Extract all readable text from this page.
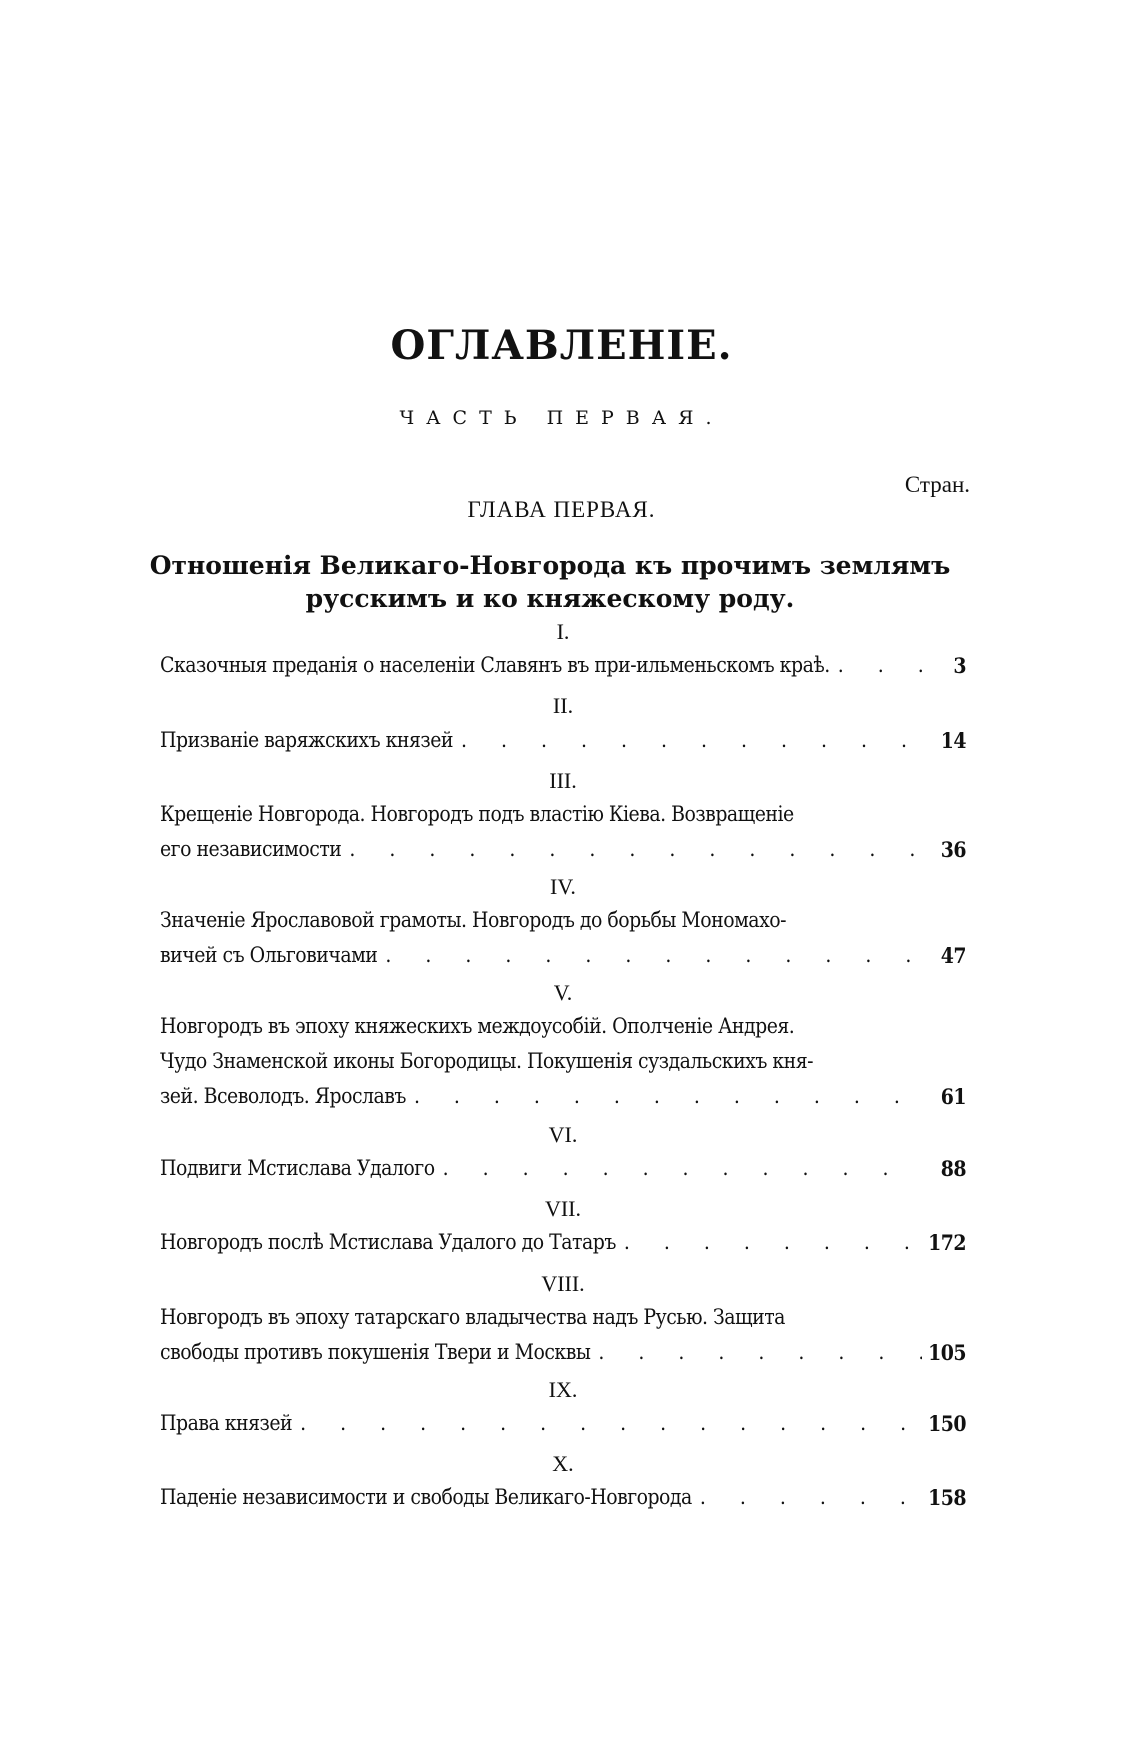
ОГЛАВЛЕНІЕ.
ЧАСТЬ ПЕРВАЯ.
Стран.
ГЛАВА ПЕРВАЯ.
Отношенія Великаго-Новгорода къ прочимъ землямъ
русскимъ и ко княжескому роду.
I.
Сказочныя преданія о населеніи Славянъ въ при-ильменьскомъ краѣ. . . .	3
II.
Призваніе варяжскихъ князей . . .	14
III.
Крещеніе Новгорода. Новгородъ подъ властію Кіева. Возвращеніе
его независимости . . .	36
IV.
Значеніе Ярославовой грамоты. Новгородъ до борьбы Мономахо-
вичей съ Ольговичами . . .	47
V.
Новгородъ въ эпоху княжескихъ междоусобій. Ополченіе Андрея.
Чудо Знаменской иконы Богородицы. Покушенія суздальскихъ кня-
зей. Всеволодъ. Ярославъ . . .	61
VI.
Подвиги Мстислава Удалого . . .	88
VII.
Новгородъ послѣ Мстислава Удалого до Татаръ . . .	172
VIII.
Новгородъ въ эпоху татарскаго владычества надъ Русью. Защита
свободы противъ покушенія Твери и Москвы . . .	105
IX.
Права князей . . .	150
X.
Паденіе независимости и свободы Великаго-Новгорода . . .	158
